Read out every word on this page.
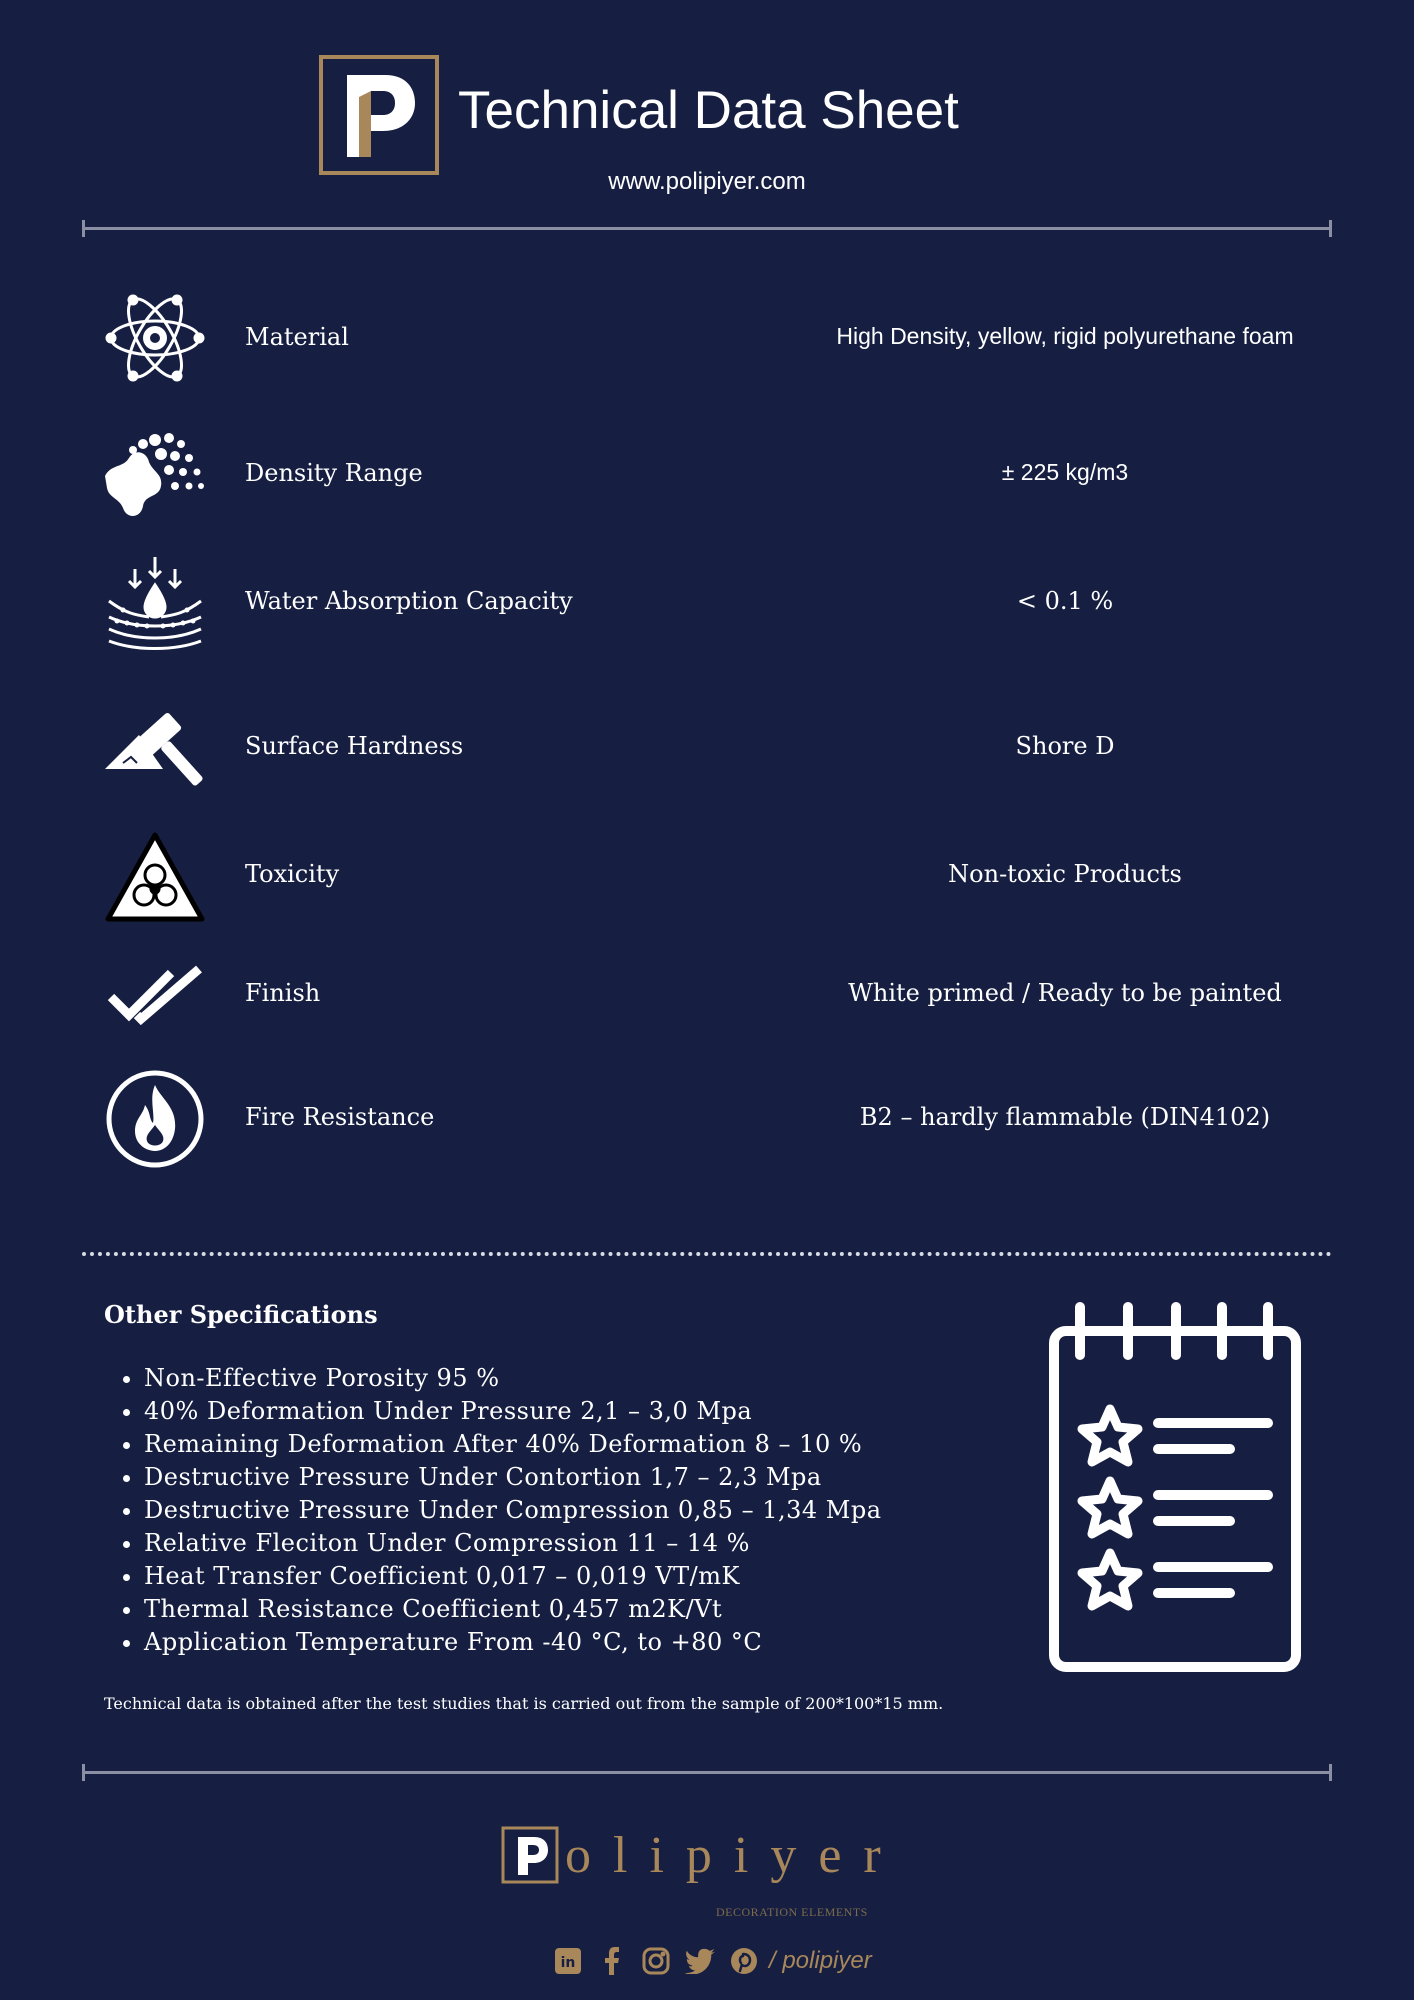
Technical Data Sheet
www.polipiyer.com
Material	High Density, yellow, rigid polyurethane foam
Density Range	± 225 kg/m3
Water Absorption Capacity	< 0.1 %
Surface Hardness	Shore D
Toxicity	Non-toxic Products
Finish	White primed / Ready to be painted
Fire Resistance	B2 – hardly flammable (DIN4102)
Other Specifications
• Non-Effective Porosity 95 %
• 40% Deformation Under Pressure 2,1 – 3,0 Mpa
• Remaining Deformation After 40% Deformation 8 – 10 %
• Destructive Pressure Under Contortion 1,7 – 2,3 Mpa
• Destructive Pressure Under Compression 0,85 – 1,34 Mpa
• Relative Fleciton Under Compression 11 – 14 %
• Heat Transfer Coefficient 0,017 – 0,019 VT/mK
• Thermal Resistance Coefficient 0,457 m2K/Vt
• Application Temperature From -40 °C, to +80 °C
Technical data is obtained after the test studies that is carried out from the sample of 200*100*15 mm.
olipiyer
DECORATION ELEMENTS
in	/ polipiyer
